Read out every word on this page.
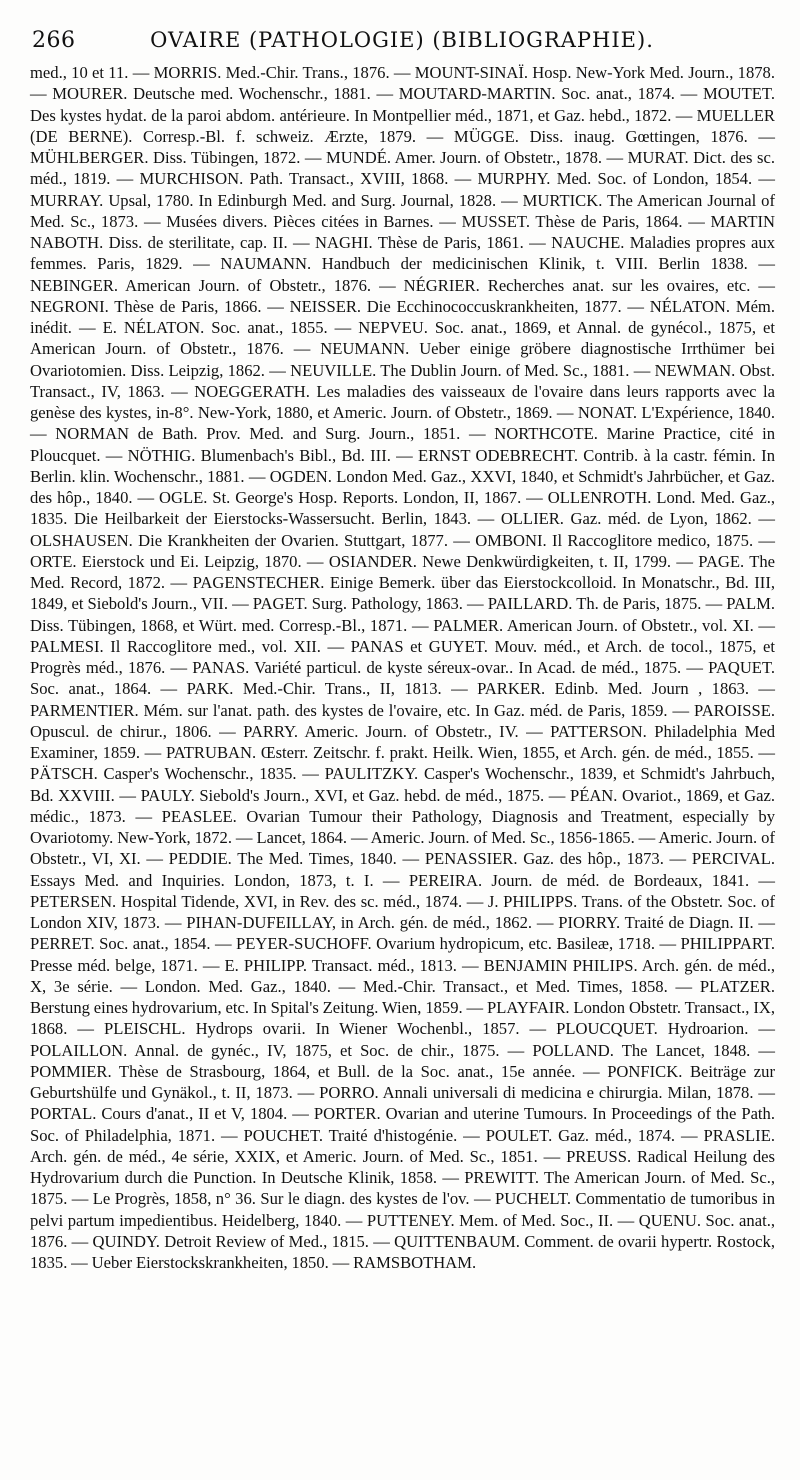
266	OVAIRE (PATHOLOGIE) (BIBLIOGRAPHIE).

med., 10 et 11. — MORRIS. Med.-Chir. Trans., 1876. — MOUNT-SINAÏ. Hosp. New-York Med. Journ., 1878. — MOURER. Deutsche med. Wochenschr., 1881. — MOUTARD-MARTIN. Soc. anat., 1874. — MOUTET. Des kystes hydat. de la paroi abdom. antérieure. In Montpellier méd., 1871, et Gaz. hebd., 1872. — MUELLER (DE BERNE). Corresp.-Bl. f. schweiz. Ærzte, 1879. — MÜGGE. Diss. inaug. Gœttingen, 1876. — MÜHLBERGER. Diss. Tübingen, 1872. — MUNDÉ. Amer. Journ. of Obstetr., 1878. — MURAT. Dict. des sc. méd., 1819. — MURCHISON. Path. Transact., XVIII, 1868. — MURPHY. Med. Soc. of London, 1854. — MURRAY. Upsal, 1780. In Edinburgh Med. and Surg. Journal, 1828. — MURTICK. The American Journal of Med. Sc., 1873. — Musées divers. Pièces citées in Barnes. — MUSSET. Thèse de Paris, 1864. — MARTIN NABOTH. Diss. de sterilitate, cap. II. — NAGHI. Thèse de Paris, 1861. — NAUCHE. Maladies propres aux femmes. Paris, 1829. — NAUMANN. Handbuch der medicinischen Klinik, t. VIII. Berlin 1838. — NEBINGER. American Journ. of Obstetr., 1876. — NÉGRIER. Recherches anat. sur les ovaires, etc. — NEGRONI. Thèse de Paris, 1866. — NEISSER. Die Ecchinococcuskrankheiten, 1877. — NÉLATON. Mém. inédit. — E. NÉLATON. Soc. anat., 1855. — NEPVEU. Soc. anat., 1869, et Annal. de gynécol., 1875, et American Journ. of Obstetr., 1876. — NEUMANN. Ueber einige gröbere diagnostische Irrthümer bei Ovariotomien. Diss. Leipzig, 1862. — NEUVILLE. The Dublin Journ. of Med. Sc., 1881. — NEWMAN. Obst. Transact., IV, 1863. — NOEGGERATH. Les maladies des vaisseaux de l'ovaire dans leurs rapports avec la genèse des kystes, in-8°. New-York, 1880, et Americ. Journ. of Obstetr., 1869. — NONAT. L'Expérience, 1840. — NORMAN de Bath. Prov. Med. and Surg. Journ., 1851. — NORTHCOTE. Marine Practice, cité in Ploucquet. — NÖTHIG. Blumenbach's Bibl., Bd. III. — ERNST ODEBRECHT. Contrib. à la castr. fémin. In Berlin. klin. Wochenschr., 1881. — OGDEN. London Med. Gaz., XXVI, 1840, et Schmidt's Jahrbücher, et Gaz. des hôp., 1840. — OGLE. St. George's Hosp. Reports. London, II, 1867. — OLLENROTH. Lond. Med. Gaz., 1835. Die Heilbarkeit der Eierstocks-Wassersucht. Berlin, 1843. — OLLIER. Gaz. méd. de Lyon, 1862. — OLSHAUSEN. Die Krankheiten der Ovarien. Stuttgart, 1877. — OMBONI. Il Raccoglitore medico, 1875. — ORTE. Eierstock und Ei. Leipzig, 1870. — OSIANDER. Newe Denkwürdigkeiten, t. II, 1799. — PAGE. The Med. Record, 1872. — PAGENSTECHER. Einige Bemerk. über das Eierstockcolloid. In Monatschr., Bd. III, 1849, et Siebold's Journ., VII. — PAGET. Surg. Pathology, 1863. — PAILLARD. Th. de Paris, 1875. — PALM. Diss. Tübingen, 1868, et Würt. med. Corresp.-Bl., 1871. — PALMER. American Journ. of Obstetr., vol. XI. — PALMESI. Il Raccoglitore med., vol. XII. — PANAS et GUYET. Mouv. méd., et Arch. de tocol., 1875, et Progrès méd., 1876. — PANAS. Variété particul. de kyste séreux-ovar.. In Acad. de méd., 1875. — PAQUET. Soc. anat., 1864. — PARK. Med.-Chir. Trans., II, 1813. — PARKER. Edinb. Med. Journ , 1863. — PARMENTIER. Mém. sur l'anat. path. des kystes de l'ovaire, etc. In Gaz. méd. de Paris, 1859. — PAROISSE. Opuscul. de chirur., 1806. — PARRY. Americ. Journ. of Obstetr., IV. — PATTERSON. Philadelphia Med Examiner, 1859. — PATRUBAN. Œsterr. Zeitschr. f. prakt. Heilk. Wien, 1855, et Arch. gén. de méd., 1855. — PÄTSCH. Casper's Wochenschr., 1835. — PAULITZKY. Casper's Wochenschr., 1839, et Schmidt's Jahrbuch, Bd. XXVIII. — PAULY. Siebold's Journ., XVI, et Gaz. hebd. de méd., 1875. — PÉAN. Ovariot., 1869, et Gaz. médic., 1873. — PEASLEE. Ovarian Tumour their Pathology, Diagnosis and Treatment, especially by Ovariotomy. New-York, 1872. — Lancet, 1864. — Americ. Journ. of Med. Sc., 1856-1865. — Americ. Journ. of Obstetr., VI, XI. — PEDDIE. The Med. Times, 1840. — PENASSIER. Gaz. des hôp., 1873. — PERCIVAL. Essays Med. and Inquiries. London, 1873, t. I. — PEREIRA. Journ. de méd. de Bordeaux, 1841. — PETERSEN. Hospital Tidende, XVI, in Rev. des sc. méd., 1874. — J. PHILIPPS. Trans. of the Obstetr. Soc. of London XIV, 1873. — PIHAN-DUFEILLAY, in Arch. gén. de méd., 1862. — PIORRY. Traité de Diagn. II. — PERRET. Soc. anat., 1854. — PEYER-SUCHOFF. Ovarium hydropicum, etc. Basileæ, 1718. — PHILIPPART. Presse méd. belge, 1871. — E. PHILIPP. Transact. méd., 1813. — BENJAMIN PHILIPS. Arch. gén. de méd., X, 3e série. — London. Med. Gaz., 1840. — Med.-Chir. Transact., et Med. Times, 1858. — PLATZER. Berstung eines hydrovarium, etc. In Spital's Zeitung. Wien, 1859. — PLAYFAIR. London Obstetr. Transact., IX, 1868. — PLEISCHL. Hydrops ovarii. In Wiener Wochenbl., 1857. — PLOUCQUET. Hydroarion. — POLAILLON. Annal. de gynéc., IV, 1875, et Soc. de chir., 1875. — POLLAND. The Lancet, 1848. — POMMIER. Thèse de Strasbourg, 1864, et Bull. de la Soc. anat., 15e année. — PONFICK. Beiträge zur Geburtshülfe und Gynäkol., t. II, 1873. — PORRO. Annali universali di medicina e chirurgia. Milan, 1878. — PORTAL. Cours d'anat., II et V, 1804. — PORTER. Ovarian and uterine Tumours. In Proceedings of the Path. Soc. of Philadelphia, 1871. — POUCHET. Traité d'histogénie. — POULET. Gaz. méd., 1874. — PRASLIE. Arch. gén. de méd., 4e série, XXIX, et Americ. Journ. of Med. Sc., 1851. — PREUSS. Radical Heilung des Hydrovarium durch die Punction. In Deutsche Klinik, 1858. — PREWITT. The American Journ. of Med. Sc., 1875. — Le Progrès, 1858, n° 36. Sur le diagn. des kystes de l'ov. — PUCHELT. Commentatio de tumoribus in pelvi partum impedientibus. Heidelberg, 1840. — PUTTENEY. Mem. of Med. Soc., II. — QUENU. Soc. anat., 1876. — QUINDY. Detroit Review of Med., 1815. — QUITTENBAUM. Comment. de ovarii hypertr. Rostock, 1835. — Ueber Eierstockskrankheiten, 1850. — RAMSBOTHAM.
